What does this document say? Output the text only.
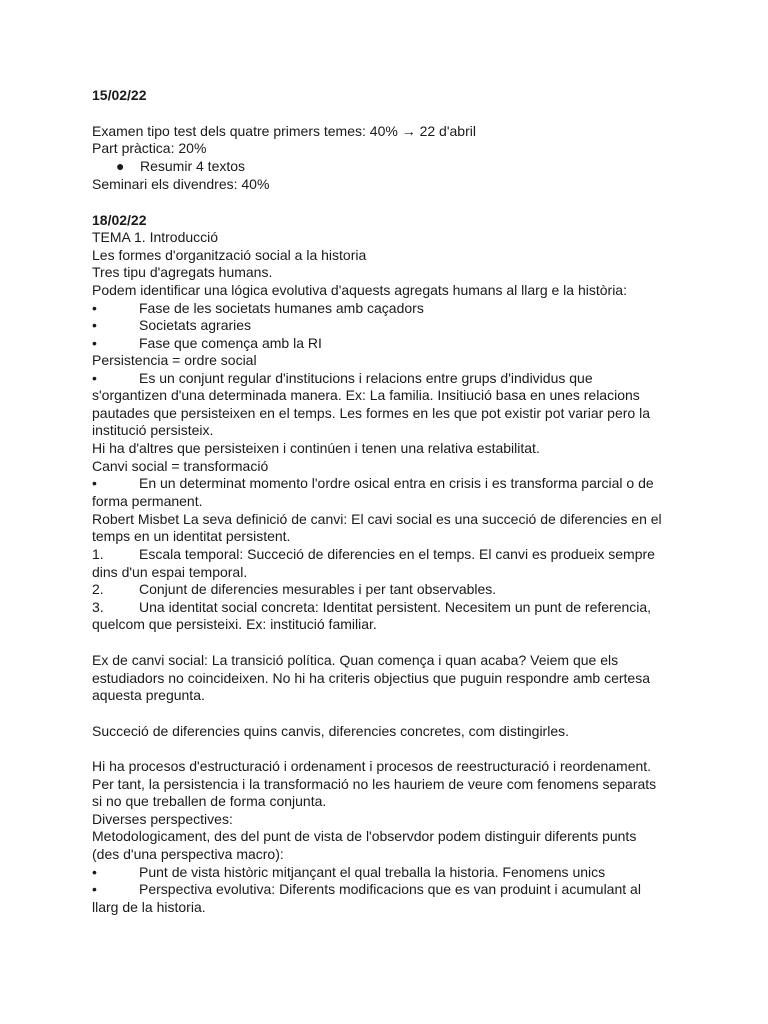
15/02/22
Examen tipo test dels quatre primers temes: 40% → 22 d'abril
Part pràctica: 20%
● Resumir 4 textos
Seminari els divendres: 40%
18/02/22
TEMA 1. Introducció
Les formes d'organització social a la historia
Tres tipu d'agregats humans.
Podem identificar una lógica evolutiva d'aquests agregats humans al llarg e la història:
•	Fase de les societats humanes amb caçadors
•	Societats agraries
•	Fase que comença amb la RI
Persistencia = ordre social
•	Es un conjunt regular d'institucions i relacions entre grups d'individus que
s'organtizen d'una determinada manera. Ex: La familia. Insitiució basa en unes relacions
pautades que persisteixen en el temps. Les formes en les que pot existir pot variar pero la
institució persisteix.
Hi ha d'altres que persisteixen i continúen i tenen una relativa estabilitat.
Canvi social = transformació
•	En un determinat momento l'ordre osical entra en crisis i es transforma parcial o de
forma permanent.
Robert Misbet La seva definició de canvi: El cavi social es una succeció de diferencies en el
temps en un identitat persistent.
1.	Escala temporal: Succeció de diferencies en el temps. El canvi es produeix sempre
dins d'un espai temporal.
2.	Conjunt de diferencies mesurables i per tant observables.
3.	Una identitat social concreta: Identitat persistent. Necesitem un punt de referencia,
quelcom que persisteixi. Ex: institució familiar.
Ex de canvi social: La transició política. Quan comença i quan acaba? Veiem que els
estudiadors no coincideixen. No hi ha criteris objectius que puguin respondre amb certesa
aquesta pregunta.
Succeció de diferencies quins canvis, diferencies concretes, com distingirles.
Hi ha procesos d'estructuració i ordenament i procesos de reestructuració i reordenament.
Per tant, la persistencia i la transformació no les hauriem de veure com fenomens separats
si no que treballen de forma conjunta.
Diverses perspectives:
Metodologicament, des del punt de vista de l'observdor podem distinguir diferents punts
(des d'una perspectiva macro):
•	Punt de vista històric mitjançant el qual treballa la historia. Fenomens unics
•	Perspectiva evolutiva: Diferents modificacions que es van produint i acumulant al
llarg de la historia.
